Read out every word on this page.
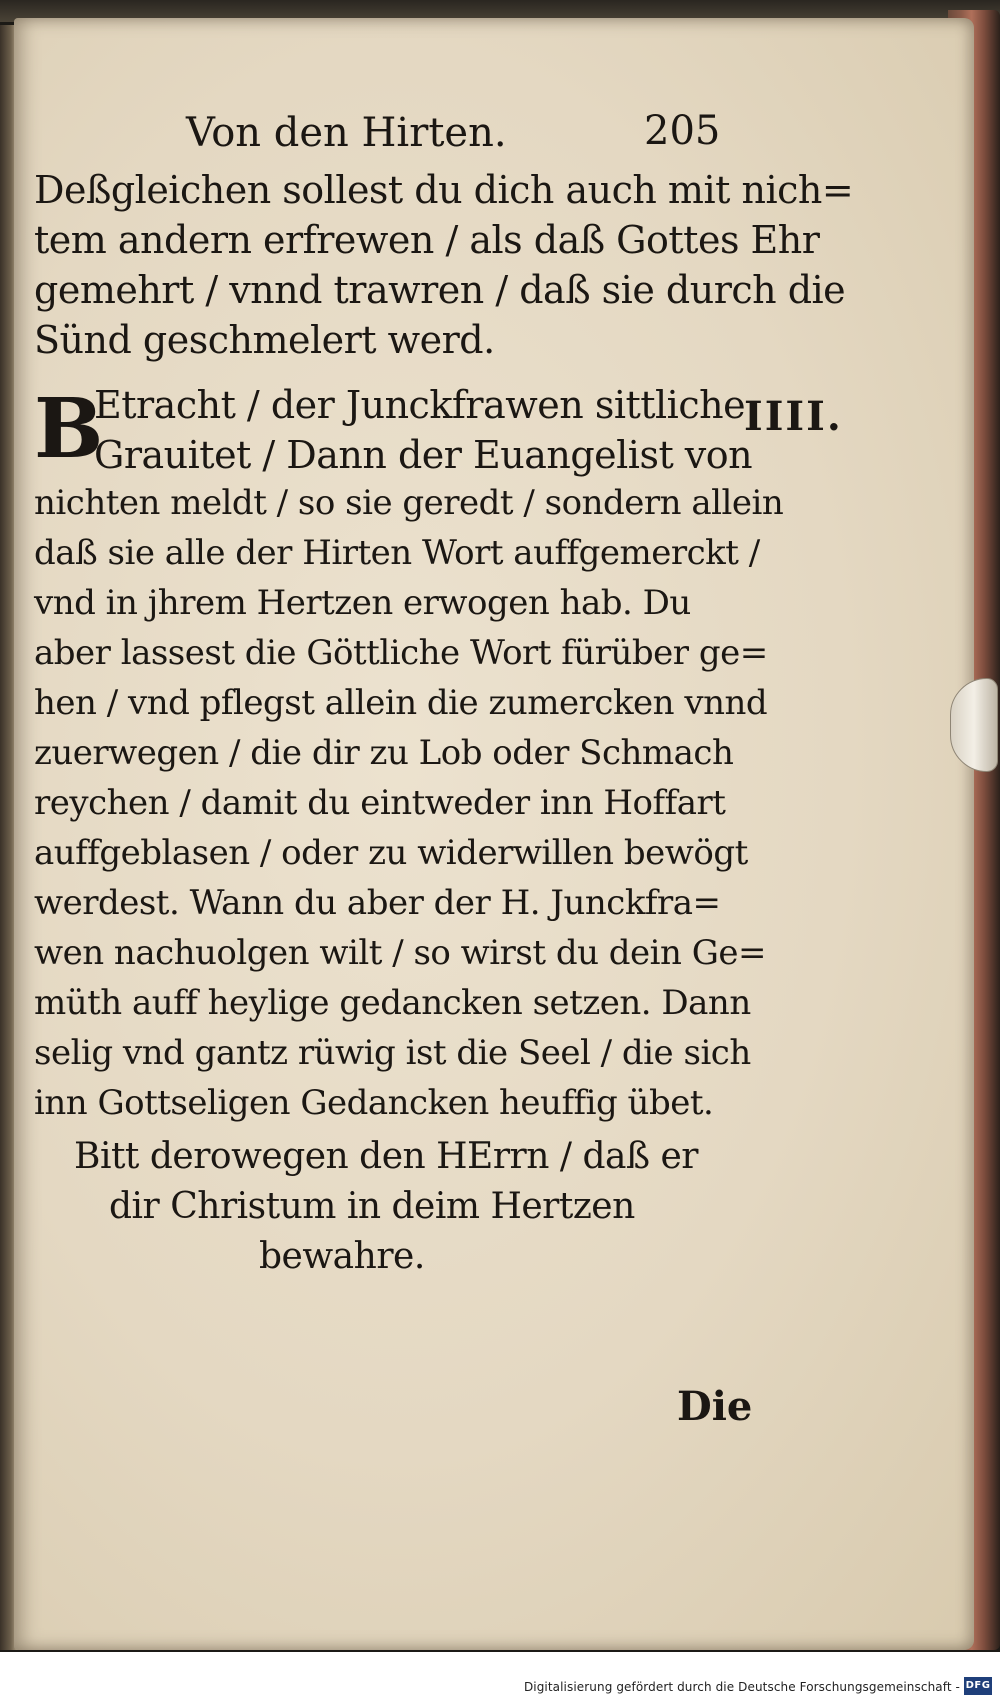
Von den Hirten.	205
Deßgleichen sollest du dich auch mit nich=
tem andern erfrewen / als daß Gottes Ehr
gemehrt / vnnd trawren / daß sie durch die
Sünd geschmelert werd.
B
Etracht / der Junckfrawen sittliche
IIII.
Grauitet / Dann der Euangelist von
nichten meldt / so sie geredt / sondern allein
daß sie alle der Hirten Wort auffgemerckt /
vnd in jhrem Hertzen erwogen hab. Du
aber lassest die Göttliche Wort fürüber ge=
hen / vnd pflegst allein die zumercken vnnd
zuerwegen / die dir zu Lob oder Schmach
reychen / damit du eintweder inn Hoffart
auffgeblasen / oder zu widerwillen bewögt
werdest. Wann du aber der H. Junckfra=
wen nachuolgen wilt / so wirst du dein Ge=
müth auff heylige gedancken setzen. Dann
selig vnd gantz rüwig ist die Seel / die sich
inn Gottseligen Gedancken heuffig übet.
Bitt derowegen den HErrn / daß er
dir Christum in deim Hertzen
bewahre.
Die
Digitalisierung gefördert durch die Deutsche Forschungsgemeinschaft - DFG
